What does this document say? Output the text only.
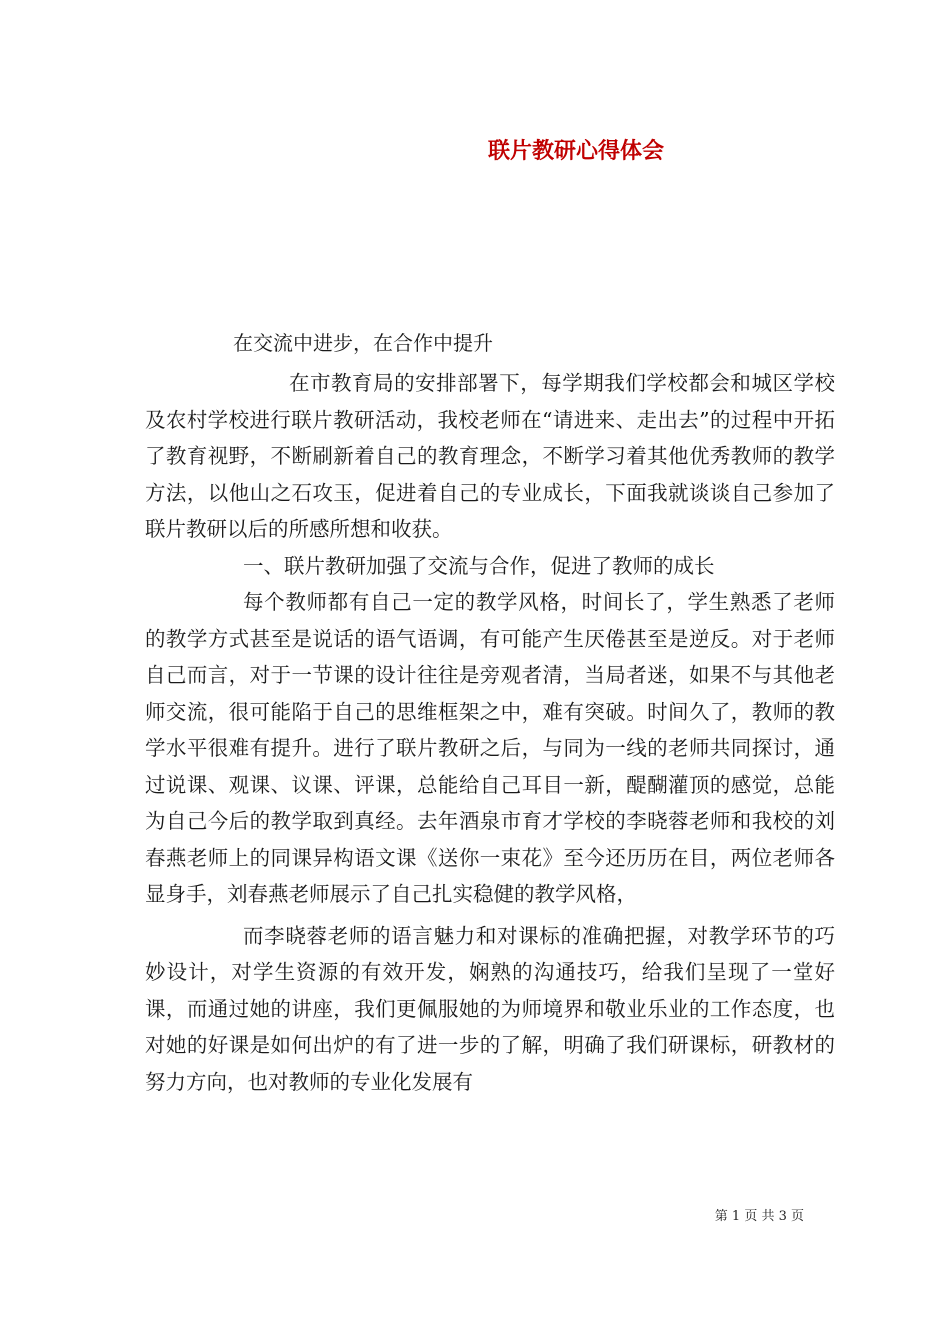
联片教研心得体会
在交流中进步，在合作中提升

在市教育局的安排部署下，每学期我们学校都会和城区学校及农村学校进行联片教研活动，我校老师在“请进来、走出去”的过程中开拓了教育视野，不断刷新着自己的教育理念，不断学习着其他优秀教师的教学方法，以他山之石攻玉，促进着自己的专业成长，下面我就谈谈自己参加了联片教研以后的所感所想和收获。

一、联片教研加强了交流与合作，促进了教师的成长

每个教师都有自己一定的教学风格，时间长了，学生熟悉了老师的教学方式甚至是说话的语气语调，有可能产生厌倦甚至是逆反。对于老师自己而言，对于一节课的设计往往是旁观者清，当局者迷，如果不与其他老师交流，很可能陷于自己的思维框架之中，难有突破。时间久了，教师的教学水平很难有提升。进行了联片教研之后，与同为一线的老师共同探讨，通过说课、观课、议课、评课，总能给自己耳目一新，醍醐灌顶的感觉，总能为自己今后的教学取到真经。去年酒泉市育才学校的李晓蓉老师和我校的刘春燕老师上的同课异构语文课《送你一束花》至今还历历在目，两位老师各显身手，刘春燕老师展示了自己扎实稳健的教学风格，

而李晓蓉老师的语言魅力和对课标的准确把握，对教学环节的巧妙设计，对学生资源的有效开发，娴熟的沟通技巧，给我们呈现了一堂好课，而通过她的讲座，我们更佩服她的为师境界和敬业乐业的工作态度，也对她的好课是如何出炉的有了进一步的了解，明确了我们研课标，研教材的努力方向，也对教师的专业化发展有

第 1 页 共 3 页
